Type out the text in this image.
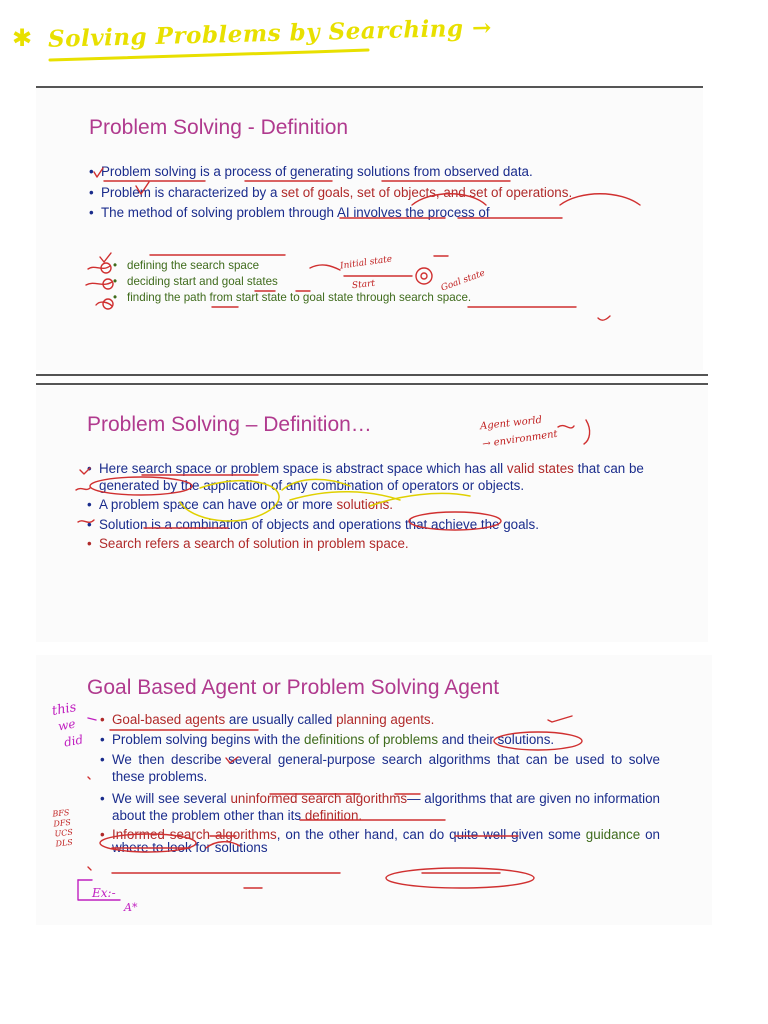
✱ Solving Problems by Searching →
Problem Solving - Definition
• Problem solving is a process of generating solutions from observed data.
• Problem is characterized by a set of goals, set of objects, and set of operations.
• The method of solving problem through AI involves the process of
• defining the search space
• deciding start and goal states
• finding the path from start state to goal state through search space.
Initial state
Start	Goal state
Problem Solving – Definition…
• Here search space or problem space is abstract space which has all valid states that can be generated by the application of any combination of operators or objects.
• A problem space can have one or more solutions.
• Solution is a combination of objects and operations that achieve the goals.
• Search refers a search of solution in problem space.
Agent world
→ environment
Goal Based Agent or Problem Solving Agent
• Goal-based agents are usually called planning agents.
• Problem solving begins with the definitions of problems and their solutions.
• We then describe several general-purpose search algorithms that can be used to solve these problems.
• We will see several uninformed search algorithms— algorithms that are given no information about the problem other than its definition.
• Informed search algorithms, on the other hand, can do quite well given some guidance on where to look for solutions
this
we
did
BFS DFS UCS DLS
Ex:-
A*
